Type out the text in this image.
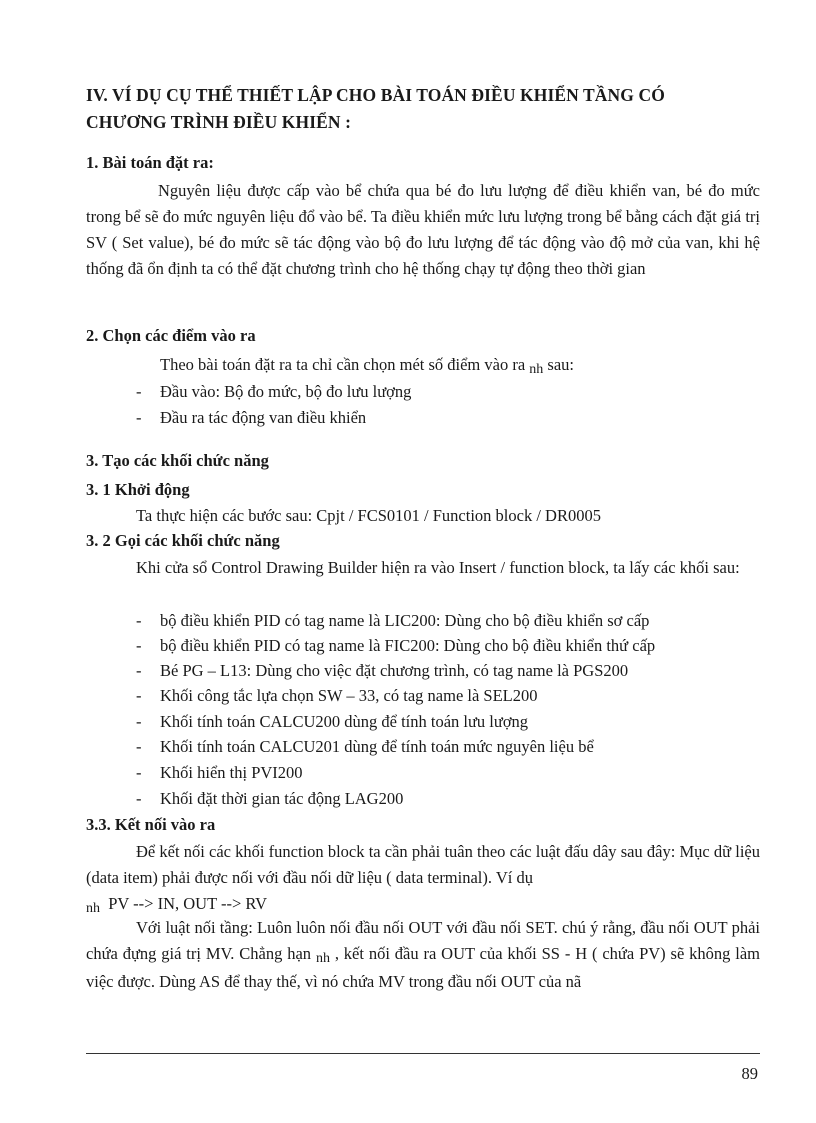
IV. VÍ DỤ CỤ THỂ THIẾT LẬP CHO BÀI TOÁN ĐIỀU KHIỂN TẦNG CÓ
CHƯƠNG TRÌNH ĐIỀU KHIỂN :
1. Bài toán đặt ra:
Nguyên liệu được cấp vào bể chứa qua bé đo lưu lượng để điều khiển van, bé đo mức trong bể sẽ đo mức nguyên liệu đổ vào bể. Ta điều khiển mức lưu lượng trong bể bằng cách đặt giá trị SV ( Set value), bé đo mức sẽ tác động vào bộ đo lưu lượng để tác động vào độ mở của van, khi hệ thống đã ổn định ta có thể đặt chương trình cho hệ thống chạy tự động theo thời gian
2. Chọn các điểm vào ra
Theo bài toán đặt ra ta chỉ cần chọn mét số điểm vào ra nh sau:
- Đầu vào: Bộ đo mức, bộ đo lưu lượng
- Đầu ra tác động van điều khiển
3. Tạo các khối chức năng
3. 1 Khởi động
Ta thực hiện các bước sau: Cpjt / FCS0101 / Function block / DR0005
3. 2 Gọi các khối chức năng
Khi cửa sổ Control Drawing Builder hiện ra vào Insert / function block, ta lấy các khối sau:
- bộ điều khiển PID có tag name là LIC200: Dùng cho bộ điều khiển sơ cấp
- bộ điều khiển PID có tag name là FIC200: Dùng cho bộ điều khiển thứ cấp
- Bé PG – L13: Dùng cho việc đặt chương trình, có tag name là PGS200
- Khối công tắc lựa chọn SW – 33, có tag name là SEL200
- Khối tính toán CALCU200 dùng để tính toán lưu lượng
- Khối tính toán CALCU201 dùng để tính toán mức nguyên liệu bể
- Khối hiển thị PVI200
- Khối đặt thời gian tác động LAG200
3.3. Kết nối vào ra
Để kết nối các khối function block ta cần phải tuân theo các luật đấu dây sau đây: Mục dữ liệu (data item) phải được nối với đầu nối dữ liệu ( data terminal). Ví dụ
nh PV --> IN, OUT --> RV
Với luật nối tầng: Luôn luôn nối đầu nối OUT với đầu nối SET. chú ý rằng, đầu nối OUT phải chứa đựng giá trị MV. Chẳng hạn nh , kết nối đầu ra OUT của khối SS - H ( chứa PV) sẽ không làm việc được. Dùng AS để thay thế, vì nó chứa MV trong đầu nối OUT của nã
89
